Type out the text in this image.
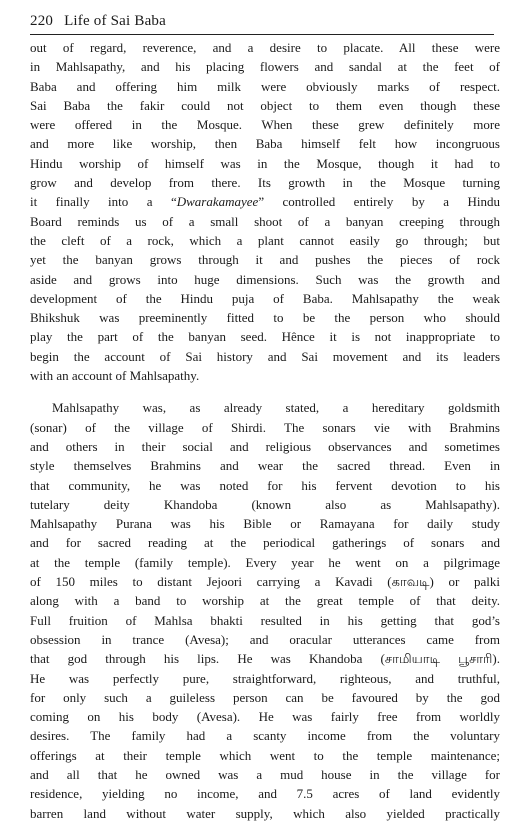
220 Life of Sai Baba

out of regard, reverence, and a desire to placate. All these were
in Mahlsapathy, and his placing flowers and sandal at the feet of
Baba and offering him milk were obviously marks of respect.
Sai Baba the fakir could not object to them even though these
were offered in the Mosque. When these grew definitely more
and more like worship, then Baba himself felt how incongruous
Hindu worship of himself was in the Mosque, though it had to
grow and develop from there. Its growth in the Mosque turning
it finally into a “Dwarakamayee” controlled entirely by a Hindu
Board reminds us of a small shoot of a banyan creeping through
the cleft of a rock, which a plant cannot easily go through; but
yet the banyan grows through it and pushes the pieces of rock
aside and grows into huge dimensions. Such was the growth and
development of the Hindu puja of Baba. Mahlsapathy the weak
Bhikshuk was preeminently fitted to be the person who should
play the part of the banyan seed. Hênce it is not inappropriate to
begin the account of Sai history and Sai movement and its leaders
with an account of Mahlsapathy.

Mahlsapathy was, as already stated, a hereditary goldsmith
(sonar) of the village of Shirdi. The sonars vie with Brahmins
and others in their social and religious observances and sometimes
style themselves Brahmins and wear the sacred thread. Even in
that community, he was noted for his fervent devotion to his
tutelary deity Khandoba (known also as Mahlsapathy).
Mahlsapathy Purana was his Bible or Ramayana for daily study
and for sacred reading at the periodical gatherings of sonars and
at the temple (family temple). Every year he went on a pilgrimage
of 150 miles to distant Jejoori carrying a Kavadi (காவடி) or palki
along with a band to worship at the great temple of that deity.
Full fruition of Mahlsa bhakti resulted in his getting that god’s
obsession in trance (Avesa); and oracular utterances came from
that god through his lips. He was Khandoba (சாமியாடி பூசாரி).
He was perfectly pure, straightforward, righteous, and truthful,
for only such a guileless person can be favoured by the god
coming on his body (Avesa). He was fairly free from worldly
desires. The family had a scanty income from the voluntary
offerings at their temple which went to the temple maintenance;
and all that he owned was a mud house in the village for
residence, yielding no income, and 7.5 acres of land evidently
barren land without water supply, which also yielded practically
